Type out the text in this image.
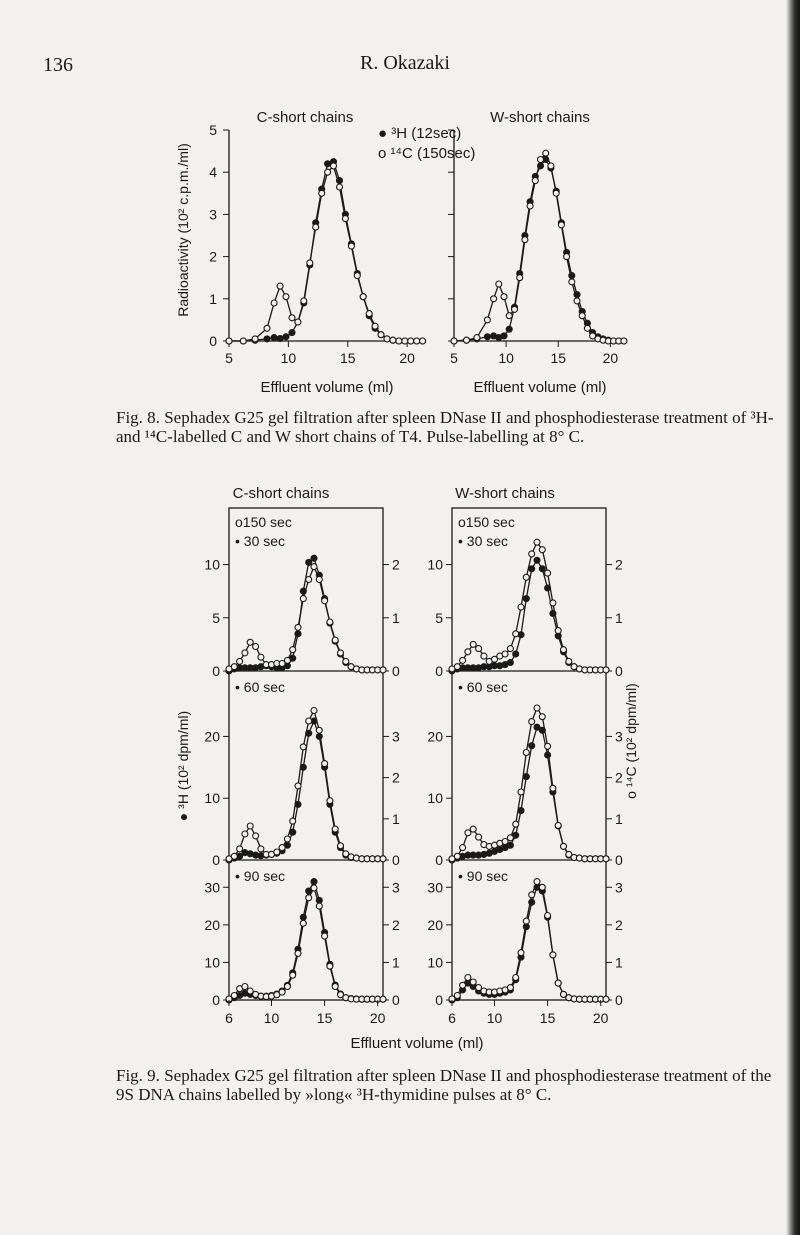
136	R. Okazaki
5	10	15	20
0
1
2
3
4
5
Effluent volume (ml)
5	10	15	20
Effluent volume (ml)
C-short chains	W-short chains
● ³H (12sec)
o ¹⁴C (150sec)
Radioactivity (10² c.p.m./ml)
C-short chains	W-short chains
0
5
10
0
1
2
o150 sec
• 30 sec
0
10
20
0
1
2
3
• 60 sec
0
10
20
30
0
1
2
3
• 90 sec
6 10	15	20
0
5
10
0
1
2
o150 sec
• 30 sec
0
10
20
0
1
2
3
• 60 sec
0
10
20
30
0
1
2
3
• 90 sec
6 10	15	20
Effluent volume (ml)
● ³H (10² dpm/ml)	o ¹⁴C (10² dpm/ml)
Fig. 8. Sephadex G25 gel filtration after spleen DNase II and phosphodiesterase treatment of ³H- and ¹⁴C-labelled C and W short chains of T4. Pulse-labelling at 8° C.
Fig. 9. Sephadex G25 gel filtration after spleen DNase II and phosphodiesterase treatment of the 9S DNA chains labelled by »long« ³H-thymidine pulses at 8° C.
